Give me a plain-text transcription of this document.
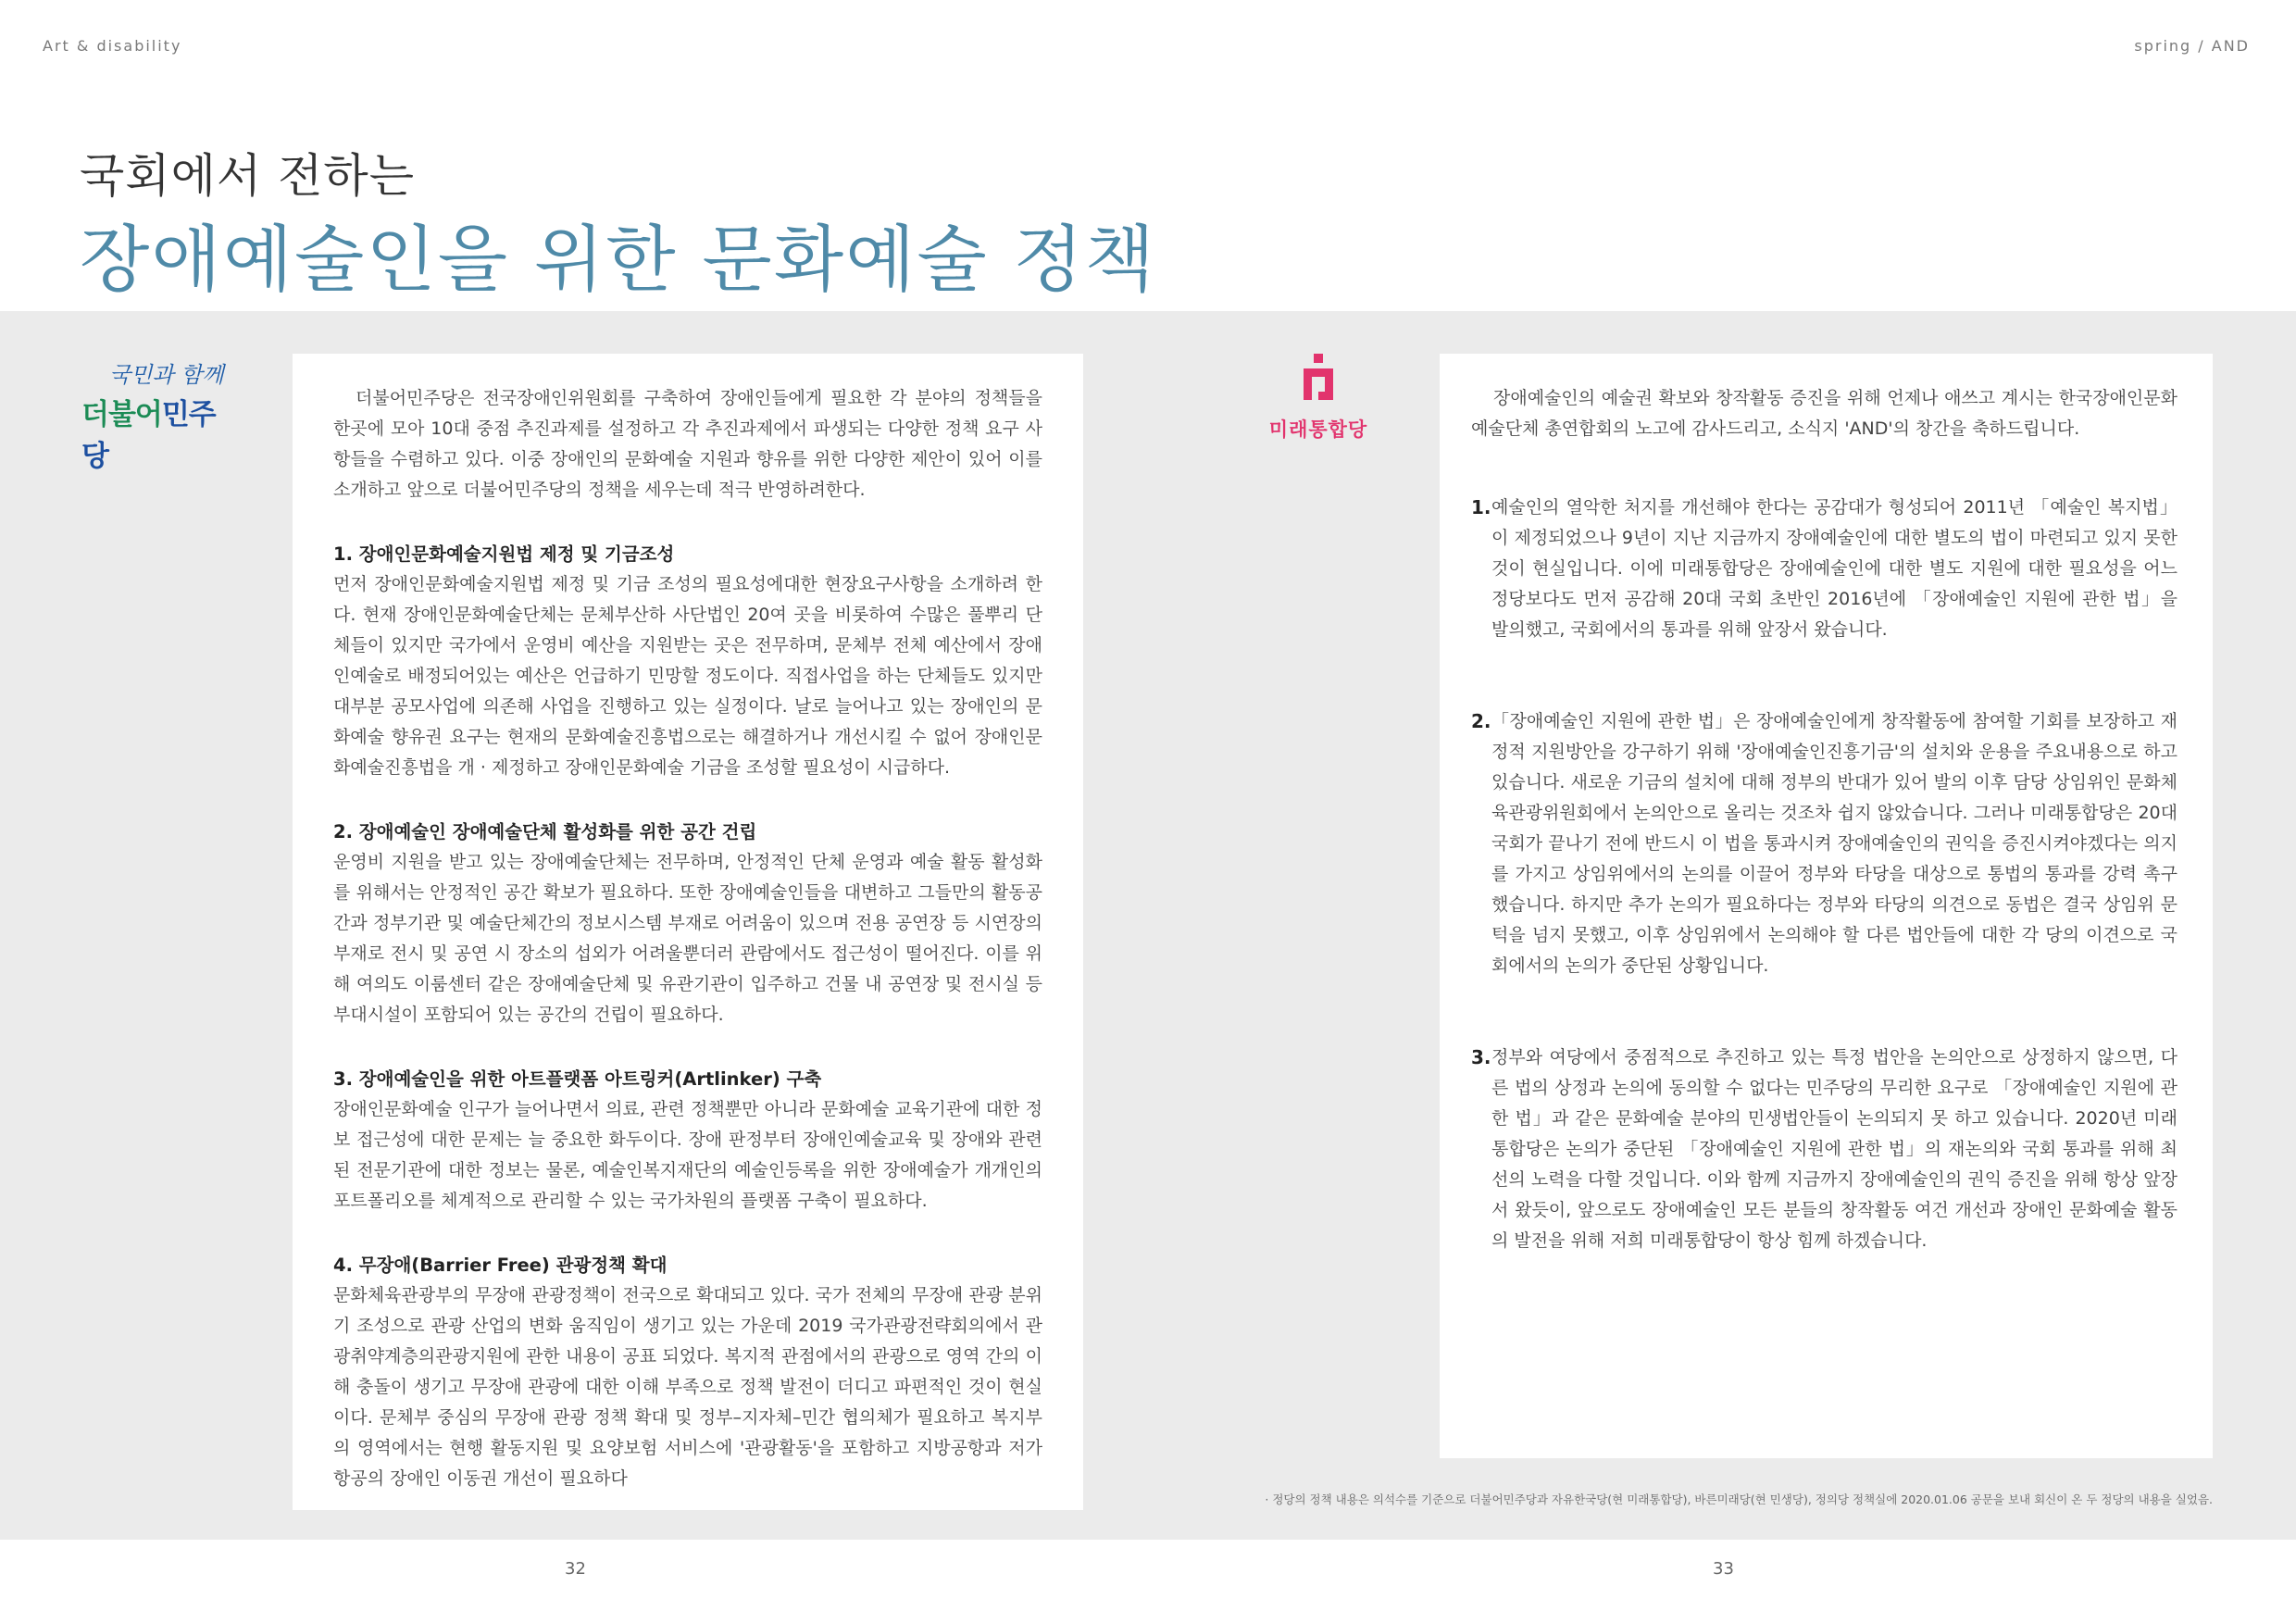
Art & disability	spring / AND
국회에서 전하는
장애예술인을 위한 문화예술 정책
국민과 함께
더불어민주당

더불어민주당은 전국장애인위원회를 구축하여 장애인들에게 필요한 각 분야의 정책들을 한곳에 모아 10대 중점 추진과제를 설정하고 각 추진과제에서 파생되는 다양한 정책 요구 사항들을 수렴하고 있다. 이중 장애인의 문화예술 지원과 향유를 위한 다양한 제안이 있어 이를 소개하고 앞으로 더불어민주당의 정책을 세우는데 적극 반영하려한다.

1. 장애인문화예술지원법 제정 및 기금조성

먼저 장애인문화예술지원법 제정 및 기금 조성의 필요성에대한 현장요구사항을 소개하려 한다. 현재 장애인문화예술단체는 문체부산하 사단법인 20여 곳을 비롯하여 수많은 풀뿌리 단체들이 있지만 국가에서 운영비 예산을 지원받는 곳은 전무하며, 문체부 전체 예산에서 장애인예술로 배정되어있는 예산은 언급하기 민망할 정도이다. 직접사업을 하는 단체들도 있지만 대부분 공모사업에 의존해 사업을 진행하고 있는 실정이다. 날로 늘어나고 있는 장애인의 문화예술 향유권 요구는 현재의 문화예술진흥법으로는 해결하거나 개선시킬 수 없어 장애인문화예술진흥법을 개 · 제정하고 장애인문화예술 기금을 조성할 필요성이 시급하다.

2. 장애예술인 장애예술단체 활성화를 위한 공간 건립

운영비 지원을 받고 있는 장애예술단체는 전무하며, 안정적인 단체 운영과 예술 활동 활성화를 위해서는 안정적인 공간 확보가 필요하다. 또한 장애예술인들을 대변하고 그들만의 활동공간과 정부기관 및 예술단체간의 정보시스템 부재로 어려움이 있으며 전용 공연장 등 시연장의 부재로 전시 및 공연 시 장소의 섭외가 어려울뿐더러 관람에서도 접근성이 떨어진다. 이를 위해 여의도 이룸센터 같은 장애예술단체 및 유관기관이 입주하고 건물 내 공연장 및 전시실 등 부대시설이 포함되어 있는 공간의 건립이 필요하다.

3. 장애예술인을 위한 아트플랫폼 아트링커(Artlinker) 구축

장애인문화예술 인구가 늘어나면서 의료, 관련 정책뿐만 아니라 문화예술 교육기관에 대한 정보 접근성에 대한 문제는 늘 중요한 화두이다. 장애 판정부터 장애인예술교육 및 장애와 관련된 전문기관에 대한 정보는 물론, 예술인복지재단의 예술인등록을 위한 장애예술가 개개인의 포트폴리오를 체계적으로 관리할 수 있는 국가차원의 플랫폼 구축이 필요하다.

4. 무장애(Barrier Free) 관광정책 확대

문화체육관광부의 무장애 관광정책이 전국으로 확대되고 있다. 국가 전체의 무장애 관광 분위기 조성으로 관광 산업의 변화 움직임이 생기고 있는 가운데 2019 국가관광전략회의에서 관광취약계층의관광지원에 관한 내용이 공표 되었다. 복지적 관점에서의 관광으로 영역 간의 이해 충돌이 생기고 무장애 관광에 대한 이해 부족으로 정책 발전이 더디고 파편적인 것이 현실이다. 문체부 중심의 무장애 관광 정책 확대 및 정부–지자체–민간 협의체가 필요하고 복지부의 영역에서는 현행 활동지원 및 요양보험 서비스에 '관광활동'을 포함하고 지방공항과 저가항공의 장애인 이동권 개선이 필요하다

미래통합당

장애예술인의 예술권 확보와 창작활동 증진을 위해 언제나 애쓰고 계시는 한국장애인문화예술단체 총연합회의 노고에 감사드리고, 소식지 'AND'의 창간을 축하드립니다.

1. 예술인의 열악한 처지를 개선해야 한다는 공감대가 형성되어 2011년 「예술인 복지법」이 제정되었으나 9년이 지난 지금까지 장애예술인에 대한 별도의 법이 마련되고 있지 못한 것이 현실입니다. 이에 미래통합당은 장애예술인에 대한 별도 지원에 대한 필요성을 어느 정당보다도 먼저 공감해 20대 국회 초반인 2016년에 「장애예술인 지원에 관한 법」을 발의했고, 국회에서의 통과를 위해 앞장서 왔습니다.
2. 「장애예술인 지원에 관한 법」은 장애예술인에게 창작활동에 참여할 기회를 보장하고 재정적 지원방안을 강구하기 위해 '장애예술인진흥기금'의 설치와 운용을 주요내용으로 하고 있습니다. 새로운 기금의 설치에 대해 정부의 반대가 있어 발의 이후 담당 상임위인 문화체육관광위원회에서 논의안으로 올리는 것조차 쉽지 않았습니다. 그러나 미래통합당은 20대 국회가 끝나기 전에 반드시 이 법을 통과시켜 장애예술인의 권익을 증진시켜야겠다는 의지를 가지고 상임위에서의 논의를 이끌어 정부와 타당을 대상으로 통법의 통과를 강력 촉구했습니다. 하지만 추가 논의가 필요하다는 정부와 타당의 의견으로 동법은 결국 상임위 문턱을 넘지 못했고, 이후 상임위에서 논의해야 할 다른 법안들에 대한 각 당의 이견으로 국회에서의 논의가 중단된 상황입니다.
3. 정부와 여당에서 중점적으로 추진하고 있는 특정 법안을 논의안으로 상정하지 않으면, 다른 법의 상정과 논의에 동의할 수 없다는 민주당의 무리한 요구로 「장애예술인 지원에 관한 법」과 같은 문화예술 분야의 민생법안들이 논의되지 못 하고 있습니다. 2020년 미래통합당은 논의가 중단된 「장애예술인 지원에 관한 법」의 재논의와 국회 통과를 위해 최선의 노력을 다할 것입니다. 이와 함께 지금까지 장애예술인의 권익 증진을 위해 항상 앞장서 왔듯이, 앞으로도 장애예술인 모든 분들의 창작활동 여건 개선과 장애인 문화예술 활동의 발전을 위해 저희 미래통합당이 항상 힘께 하겠습니다.
· 정당의 정책 내용은 의석수를 기준으로 더불어민주당과 자유한국당(현 미래통합당), 바른미래당(현 민생당), 정의당 정책실에 2020.01.06 공문을 보내 회신이 온 두 정당의 내용을 실었음.
32	33
